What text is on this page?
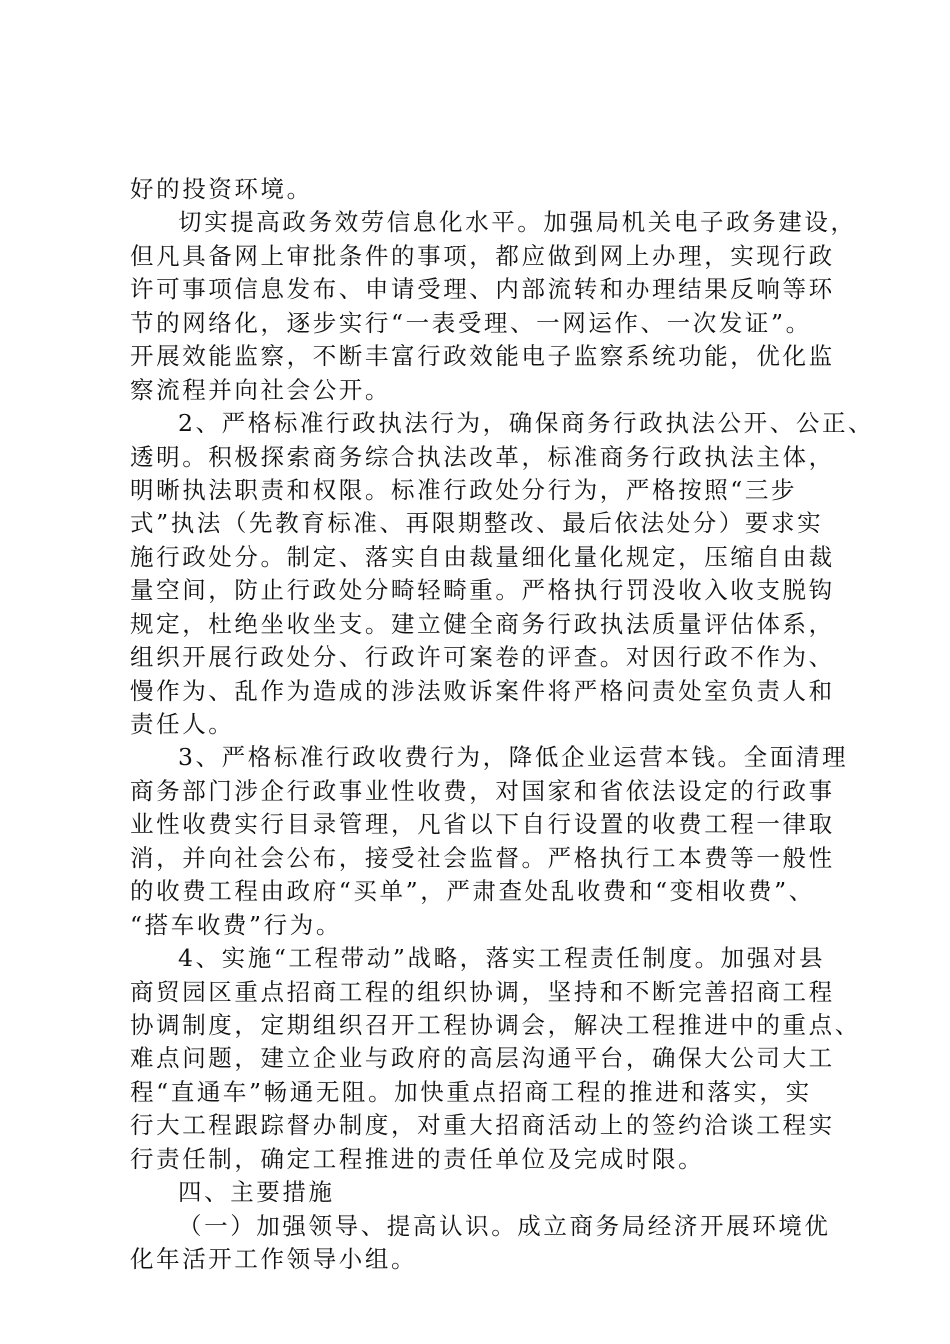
好的投资环境。
切实提高政务效劳信息化水平。加强局机关电子政务建设，
但凡具备网上审批条件的事项，都应做到网上办理，实现行政
许可事项信息发布、申请受理、内部流转和办理结果反响等环
节的网络化，逐步实行“一表受理、一网运作、一次发证”。
开展效能监察，不断丰富行政效能电子监察系统功能，优化监
察流程并向社会公开。
2、严格标准行政执法行为，确保商务行政执法公开、公正、
透明。积极探索商务综合执法改革，标准商务行政执法主体，
明晰执法职责和权限。标准行政处分行为，严格按照“三步
式”执法（先教育标准、再限期整改、最后依法处分）要求实
施行政处分。制定、落实自由裁量细化量化规定，压缩自由裁
量空间，防止行政处分畸轻畸重。严格执行罚没收入收支脱钩
规定，杜绝坐收坐支。建立健全商务行政执法质量评估体系，
组织开展行政处分、行政许可案卷的评查。对因行政不作为、
慢作为、乱作为造成的涉法败诉案件将严格问责处室负责人和
责任人。
3、严格标准行政收费行为，降低企业运营本钱。全面清理
商务部门涉企行政事业性收费，对国家和省依法设定的行政事
业性收费实行目录管理，凡省以下自行设置的收费工程一律取
消，并向社会公布，接受社会监督。严格执行工本费等一般性
的收费工程由政府“买单”，严肃查处乱收费和“变相收费”、
“搭车收费”行为。
4、实施“工程带动”战略，落实工程责任制度。加强对县
商贸园区重点招商工程的组织协调，坚持和不断完善招商工程
协调制度，定期组织召开工程协调会，解决工程推进中的重点、
难点问题，建立企业与政府的高层沟通平台，确保大公司大工
程“直通车”畅通无阻。加快重点招商工程的推进和落实，实
行大工程跟踪督办制度，对重大招商活动上的签约洽谈工程实
行责任制，确定工程推进的责任单位及完成时限。
四、主要措施
（一）加强领导、提高认识。成立商务局经济开展环境优
化年活开工作领导小组。
